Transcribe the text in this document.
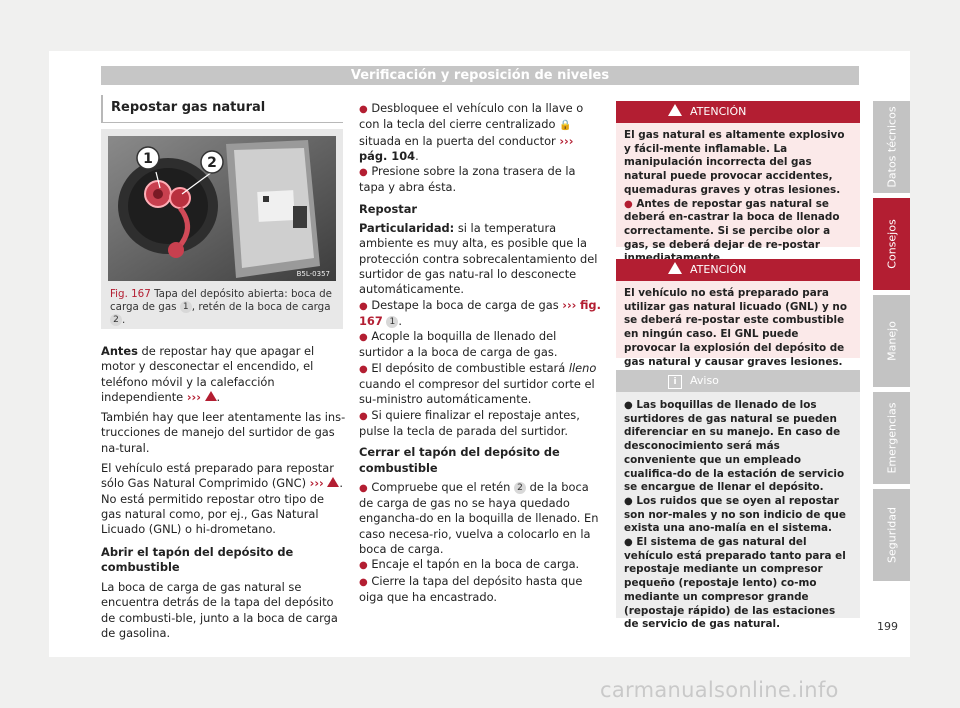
Verificación y reposición de niveles
Repostar gas natural
1	2
B5L-0357
Fig. 167 Tapa del depósito abierta: boca de carga de gas 1 , retén de la boca de carga 2 .

Antes de repostar hay que apagar el motor y desconectar el encendido, el teléfono móvil y la calefacción independiente ››› .

También hay que leer atentamente las ins-trucciones de manejo del surtidor de gas na-tural.

El vehículo está preparado para repostar sólo Gas Natural Comprimido (GNC) ››› . No está permitido repostar otro tipo de gas natural como, por ej., Gas Natural Licuado (GNL) o hi-drometano.

Abrir el tapón del depósito de combustible

La boca de carga de gas natural se encuentra detrás de la tapa del depósito de combusti-ble, junto a la boca de carga de gasolina.

● Desbloquee el vehículo con la llave o con la tecla del cierre centralizado 🔒 situada en la puerta del conductor ››› pág. 104.

● Presione sobre la zona trasera de la tapa y abra ésta.

Repostar

Particularidad: si la temperatura ambiente es muy alta, es posible que la protección contra sobrecalentamiento del surtidor de gas natu-ral lo desconecte automáticamente.

● Destape la boca de carga de gas ››› fig. 167 1 .

● Acople la boquilla de llenado del surtidor a la boca de carga de gas.

● El depósito de combustible estará lleno cuando el compresor del surtidor corte el su-ministro automáticamente.

● Si quiere finalizar el repostaje antes, pulse la tecla de parada del surtidor.

Cerrar el tapón del depósito de combustible

● Compruebe que el retén 2 de la boca de carga de gas no se haya quedado engancha-do en la boquilla de llenado. En caso necesa-rio, vuelva a colocarlo en la boca de carga.

● Encaje el tapón en la boca de carga.

● Cierre la tapa del depósito hasta que oiga que ha encastrado.

ATENCIÓN

El gas natural es altamente explosivo y fácil-mente inflamable. La manipulación incorrecta del gas natural puede provocar accidentes, quemaduras graves y otras lesiones.

● Antes de repostar gas natural se deberá en-castrar la boca de llenado correctamente. Si se percibe olor a gas, se deberá dejar de re-postar

ATENCIÓN

El vehículo no está preparado para utilizar gas natural licuado (GNL) y no se deberá re-postar este combustible en ningún caso. El GNL puede provocar la explosión del depósito de gas natural y causar graves lesiones.

i Aviso

● Las boquillas de llenado de los surtidores de gas natural se pueden diferenciar en su manejo. En caso de desconocimiento será más conveniente que un empleado cualifica-do de la estación de servicio se encargue de llenar el depósito.

● Los ruidos que se oyen al repostar son nor-males y no son indicio de que exista una ano-malía en el sistema.

● El sistema de gas natural del vehículo está preparado tanto para el repostaje mediante un compresor pequeño (repostaje lento) co-mo mediante un compresor grande (repostaje rápido) de las estaciones de servicio de gas natural.

Datos técnicos
Consejos
Manejo
Emergencias
Seguridad
199
carmanualsonline.info
